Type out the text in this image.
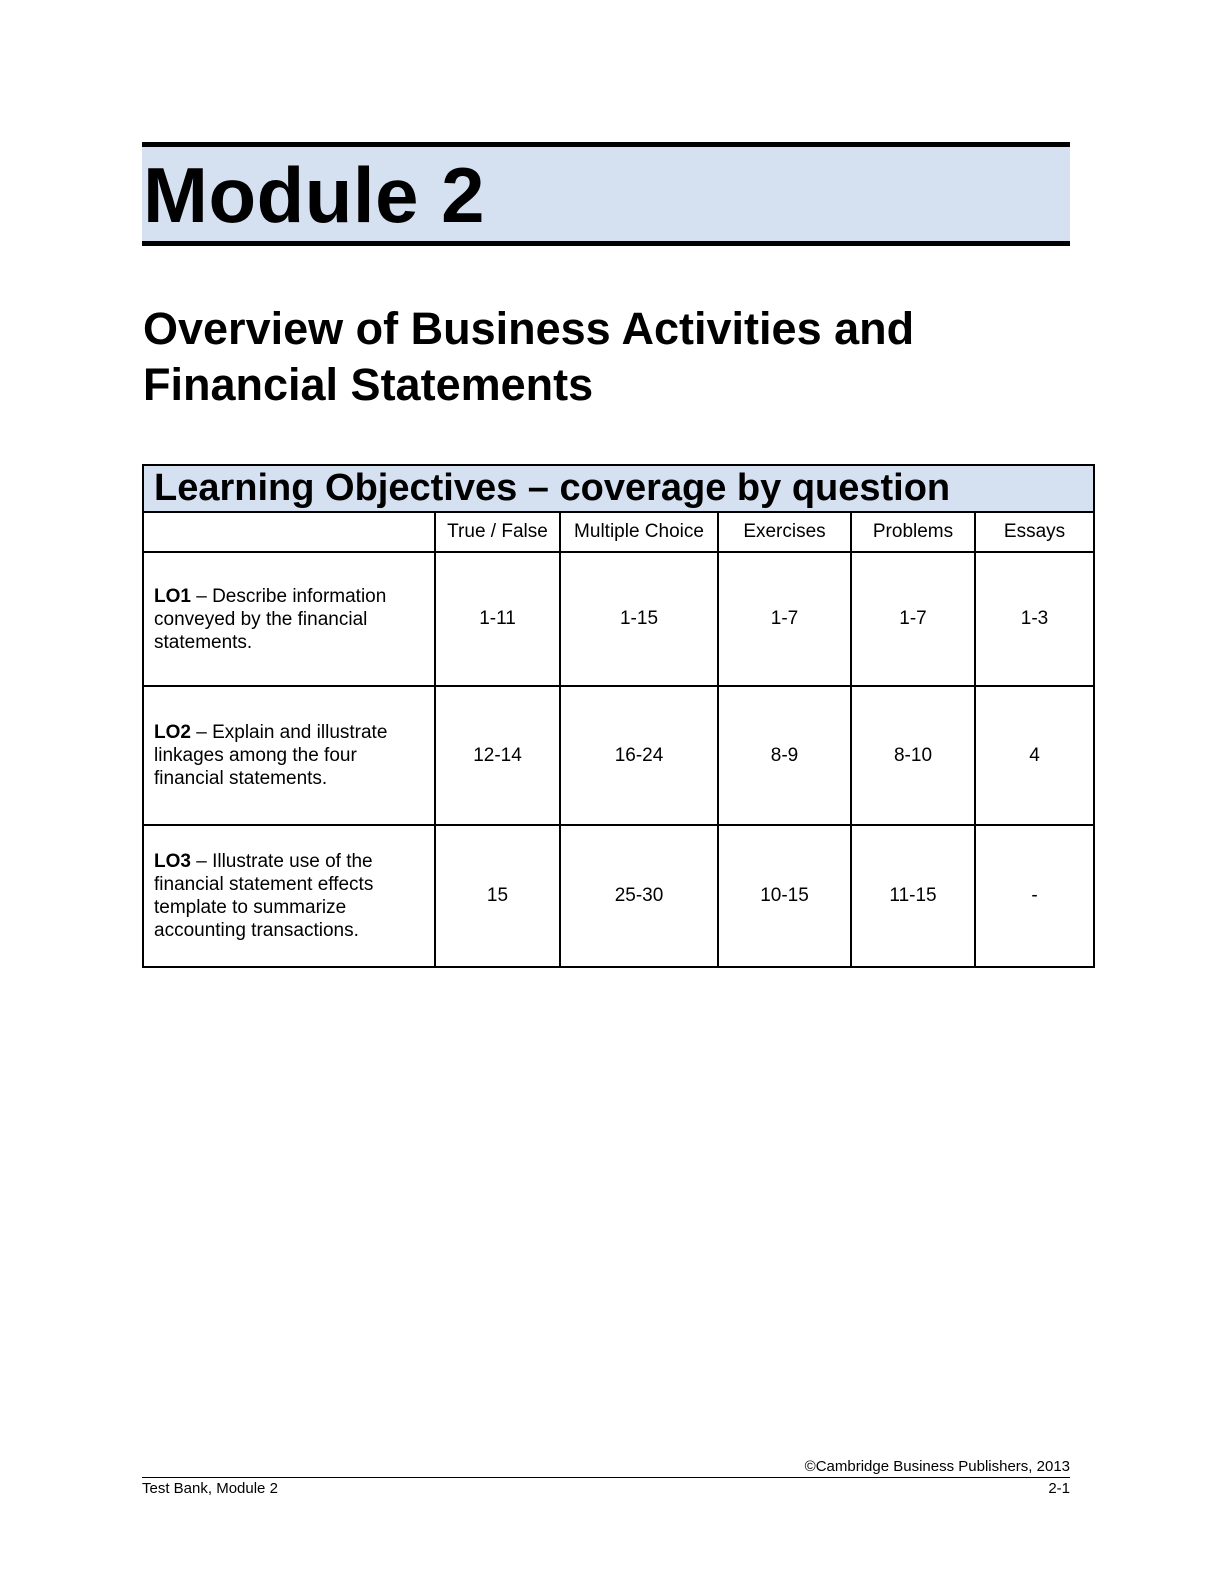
Module 2
Overview of Business Activities and
Financial Statements
Learning Objectives – coverage by question					
	True / False	Multiple Choice	Exercises	Problems	Essays
LO1 – Describe information conveyed by the financial statements.	1-11	1-15	1-7	1-7	1-3
LO2 – Explain and illustrate linkages among the four financial statements.	12-14	16-24	8-9	8-10	4
LO3 – Illustrate use of the financial statement effects template to summarize accounting transactions.	15	25-30	10-15	11-15	-
©Cambridge Business Publishers, 2013
Test Bank, Module 2	2-1
